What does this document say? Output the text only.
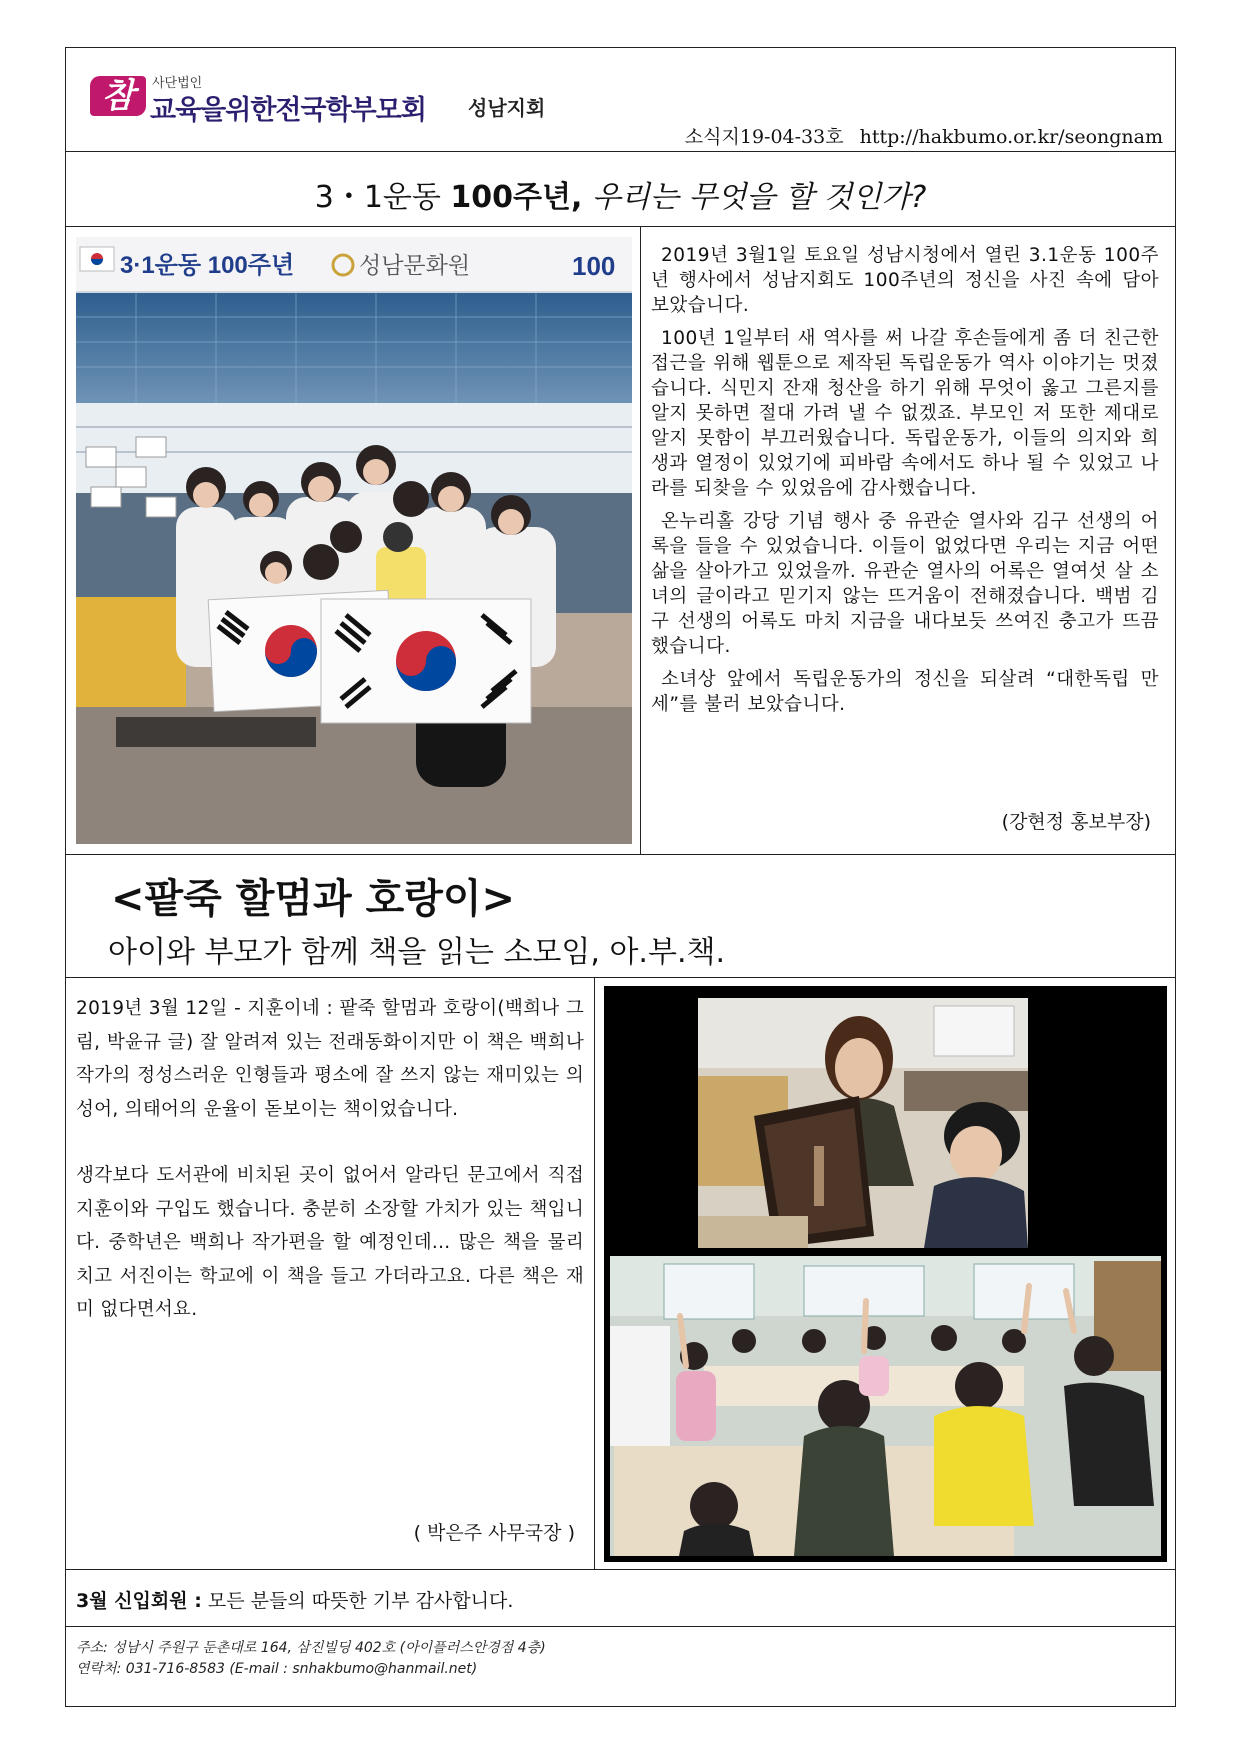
참	사단법인
교육을위한전국학부모회 성남지회
소식지19-04-33호 http://hakbumo.or.kr/seongnam
3・1운동 100주년, 우리는 무엇을 할 것인가?
3·1운동 100주년	성남문화원	100	2019년 3월1일 토요일 성남시청에서 열린 3.1운동 100주년 행사에서 성남지회도 100주년의 정신을 사진 속에 담아 보았습니다.

100년 1일부터 새 역사를 써 나갈 후손들에게 좀 더 친근한 접근을 위해 웹툰으로 제작된 독립운동가 역사 이야기는 멋졌습니다. 식민지 잔재 청산을 하기 위해 무엇이 옳고 그른지를 알지 못하면 절대 가려 낼 수 없겠죠. 부모인 저 또한 제대로 알지 못함이 부끄러웠습니다. 독립운동가, 이들의 의지와 희생과 열정이 있었기에 피바람 속에서도 하나 될 수 있었고 나라를 되찾을 수 있었음에 감사했습니다.

온누리홀 강당 기념 행사 중 유관순 열사와 김구 선생의 어록을 들을 수 있었습니다. 이들이 없었다면 우리는 지금 어떤 삶을 살아가고 있었을까. 유관순 열사의 어록은 열여섯 살 소녀의 글이라고 믿기지 않는 뜨거움이 전해졌습니다. 백범 김구 선생의 어록도 마치 지금을 내다보듯 쓰여진 충고가 뜨끔했습니다.

소녀상 앞에서 독립운동가의 정신을 되살려 “대한독립 만세”를 불러 보았습니다.

(강현정 홍보부장)
<팥죽 할멈과 호랑이>
아이와 부모가 함께 책을 읽는 소모임, 아.부.책.

2019년 3월 12일 - 지훈이네 : 팥죽 할멈과 호랑이(백희나 그림, 박윤규 글) 잘 알려져 있는 전래동화이지만 이 책은 백희나 작가의 정성스러운 인형들과 평소에 잘 쓰지 않는 재미있는 의성어, 의태어의 운율이 돋보이는 책이었습니다.

생각보다 도서관에 비치된 곳이 없어서 알라딘 문고에서 직접 지훈이와 구입도 했습니다. 충분히 소장할 가치가 있는 책입니다. 중학년은 백희나 작가편을 할 예정인데... 많은 책을 물리치고 서진이는 학교에 이 책을 들고 가더라고요. 다른 책은 재미 없다면서요.

( 박은주 사무국장 )
3월 신입회원 : 모든 분들의 따뜻한 기부 감사합니다.
주소: 성남시 주원구 둔촌대로 164, 삼진빌딩 402호 (아이플러스안경점 4층)
연락처: 031-716-8583 (E-mail : snhakbumo@hanmail.net)
